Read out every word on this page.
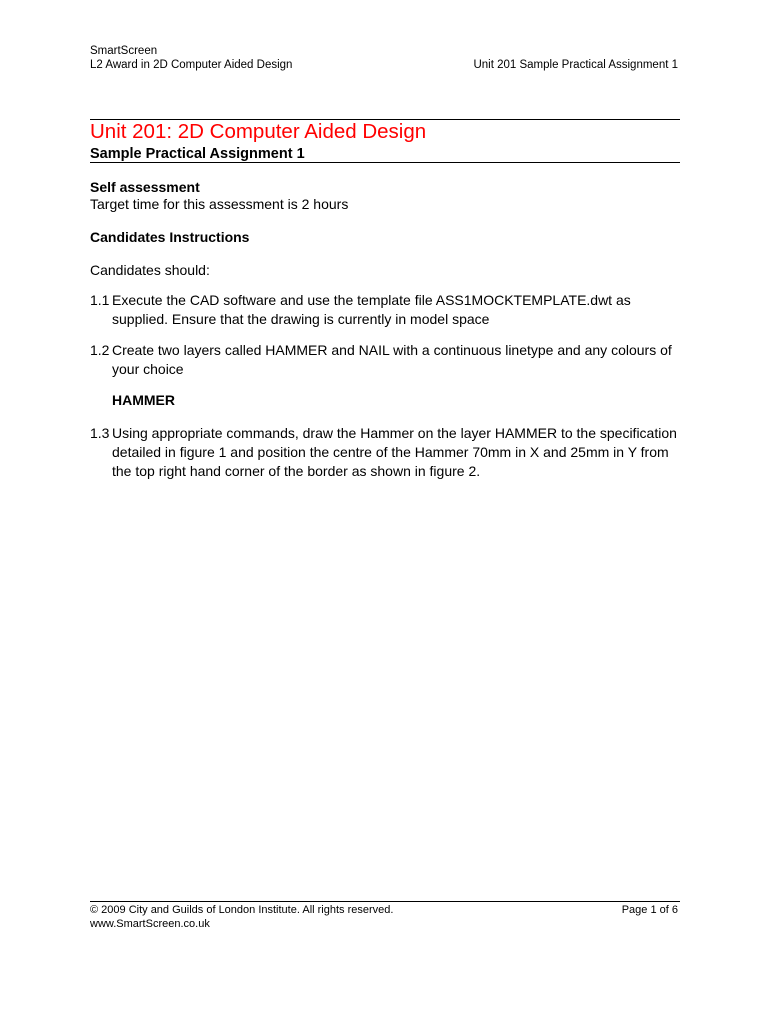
SmartScreen
L2 Award in 2D Computer Aided Design	Unit 201 Sample Practical Assignment 1
Unit 201: 2D Computer Aided Design
Sample Practical Assignment 1
Self assessment
Target time for this assessment is 2 hours
Candidates Instructions
Candidates should:
1.1 Execute the CAD software and use the template file ASS1MOCKTEMPLATE.dwt as supplied. Ensure that the drawing is currently in model space
1.2 Create two layers called HAMMER and NAIL with a continuous linetype and any colours of your choice
HAMMER
1.3 Using appropriate commands, draw the Hammer on the layer HAMMER to the specification detailed in figure 1 and position the centre of the Hammer 70mm in X and 25mm in Y from the top right hand corner of the border as shown in figure 2.
© 2009 City and Guilds of London Institute. All rights reserved.
www.SmartScreen.co.uk
Page 1 of 6
